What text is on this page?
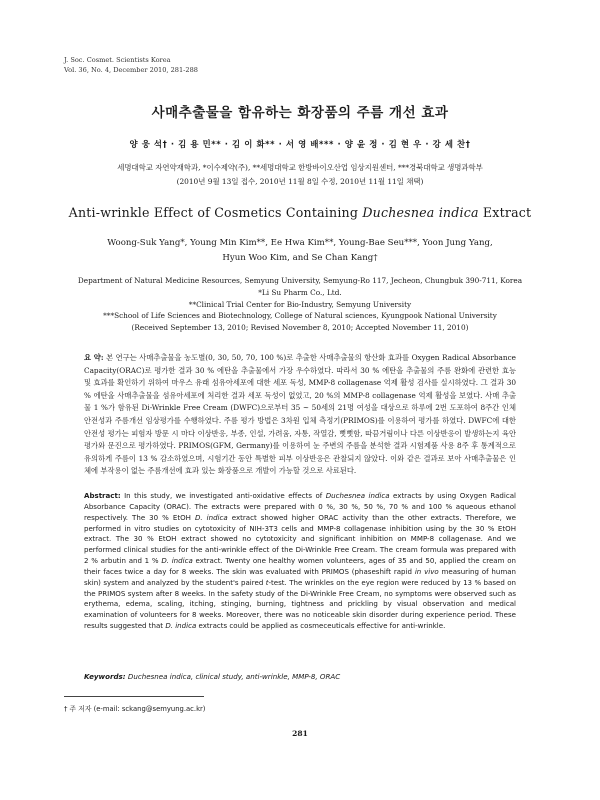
J. Soc. Cosmet. Scientists Korea
Vol. 36, No. 4, December 2010, 281-288
사매추출물을 함유하는 화장품의 주름 개선 효과
양 웅 석† · 김 용 민** · 김 이 화** · 서 영 배*** · 양 윤 정 · 김 현 우 · 강 세 찬†
세명대학교 자연약재학과, *이수제약(주), **세명대학교 한방바이오산업 임상지원센터, ***경북대학교 생명과학부
(2010년 9월 13일 접수, 2010년 11월 8일 수정, 2010년 11월 11일 채택)
Anti-wrinkle Effect of Cosmetics Containing Duchesnea indica Extract
Woong-Suk Yang*, Young Min Kim**, Ee Hwa Kim**, Young-Bae Seu***, Yoon Jung Yang,
Hyun Woo Kim, and Se Chan Kang†
Department of Natural Medicine Resources, Semyung University, Semyung-Ro 117, Jecheon, Chungbuk 390-711, Korea
*Li Su Pharm Co., Ltd.
**Clinical Trial Center for Bio-Industry, Semyung University
***School of Life Sciences and Biotechnology, College of Natural sciences, Kyungpook National University
(Received September 13, 2010; Revised November 8, 2010; Accepted November 11, 2010)
요 약: 본 연구는 사매추출물을 농도별(0, 30, 50, 70, 100 %)로 추출한 사매추출물의 항산화 효과를 Oxygen Radical Absorbance Capacity(ORAC)로 평가한 결과 30 % 에탄올 추출물에서 가장 우수하였다. 따라서 30 % 에탄올 추출물의 주름 완화에 관련한 효능 및 효과를 확인하기 위하여 마우스 유래 섬유아세포에 대한 세포 독성, MMP-8 collagenase 억제 활성 검사를 실시하였다. 그 결과 30 % 에탄올 사매추출물을 섬유아세포에 처리한 결과 세포 독성이 없었고, 20 %의 MMP-8 collagenase 억제 활성을 보였다. 사매 추출물 1 %가 함유된 Di-Wrinkle Free Cream (DWFC)으로부터 35 ~ 50세의 21명 여성을 대상으로 하루에 2번 도포하여 8주간 인체 안전성과 주름개선 임상평가를 수행하였다. 주름 평가 방법은 3차원 입체 측정기(PRIMOS)를 이용하여 평가를 하였다. DWFC에 대한 안전성 평가는 피험자 방문 시 마다 이상반응, 부종, 인설, 가려움, 자통, 작열감, 뻣뻣함, 따끔거림이나 다른 이상반응이 발생하는지 육안평가와 문진으로 평가하였다. PRIMOS(GFM, Germany)를 이용하여 눈 주변의 주름을 분석한 결과 시험제품 사용 8주 후 통계적으로 유의하게 주름이 13 % 감소하였으며, 시험기간 동안 특별한 피부 이상반응은 관찰되지 않았다. 이와 같은 결과로 보아 사매추출물은 인체에 부작용이 없는 주름개선에 효과 있는 화장품으로 개발이 가능할 것으로 사료된다.
Abstract: In this study, we investigated anti-oxidative effects of Duchesnea indica extracts by using Oxygen Radical Absorbance Capacity (ORAC). The extracts were prepared with 0 %, 30 %, 50 %, 70 % and 100 % aqueous ethanol respectively. The 30 % EtOH D. indica extract showed higher ORAC activity than the other extracts. Therefore, we performed in vitro studies on cytotoxicity of NIH-3T3 cells and MMP-8 collagenase inhibition using by the 30 % EtOH extract. The 30 % EtOH extract showed no cytotoxicity and significant inhibition on MMP-8 collagenase. And we performed clinical studies for the anti-wrinkle effect of the Di-Wrinkle Free Cream. The cream formula was prepared with 2 % arbutin and 1 % D. indica extract. Twenty one healthy women volunteers, ages of 35 and 50, applied the cream on their faces twice a day for 8 weeks. The skin was evaluated with PRIMOS (phaseshift rapid in vivo measuring of human skin) system and analyzed by the student's paired t-test. The wrinkles on the eye region were reduced by 13 % based on the PRIMOS system after 8 weeks. In the safety study of the Di-Wrinkle Free Cream, no symptoms were observed such as erythema, edema, scaling, itching, stinging, burning, tightness and prickling by visual observation and medical examination of volunteers for 8 weeks. Moreover, there was no noticeable skin disorder during experience period. These results suggested that D. indica extracts could be applied as cosmeceuticals effective for anti-wrinkle.
Keywords: Duchesnea indica, clinical study, anti-wrinkle, MMP-8, ORAC
† 주 저자 (e-mail: sckang@semyung.ac.kr)
281
